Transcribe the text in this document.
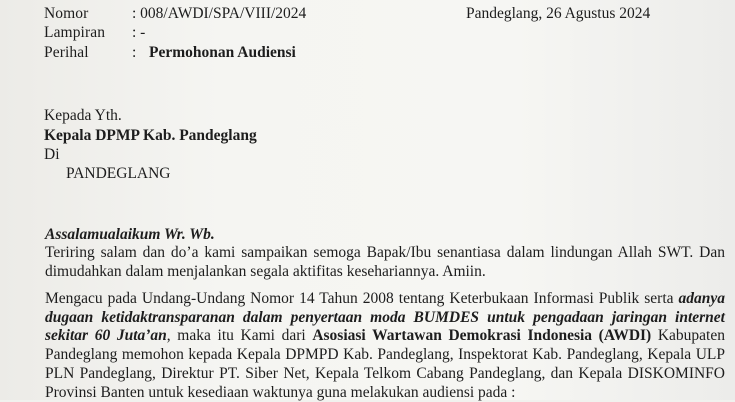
Nomor	: 008/AWDI/SPA/VIII/2024	Pandeglang, 26 Agustus 2024
Lampiran : -
Perihal	: Permohonan Audiensi
Kepada Yth.
Kepala DPMP Kab. Pandeglang
Di
PANDEGLANG
Assalamualaikum Wr. Wb.
Teriring salam dan do’a kami sampaikan semoga Bapak/Ibu senantiasa dalam lindungan Allah SWT. Dan
dimudahkan dalam menjalankan segala aktifitas kesehariannya. Amiin.
Mengacu pada Undang-Undang Nomor 14 Tahun 2008 tentang Keterbukaan Informasi Publik serta adanya
dugaan ketidaktransparanan dalam penyertaan moda BUMDES untuk pengadaan jaringan internet
sekitar 60 Juta’an, maka itu Kami dari Asosiasi Wartawan Demokrasi Indonesia (AWDI) Kabupaten
Pandeglang memohon kepada Kepala DPMPD Kab. Pandeglang, Inspektorat Kab. Pandeglang, Kepala ULP
PLN Pandeglang, Direktur PT. Siber Net, Kepala Telkom Cabang Pandeglang, dan Kepala DISKOMINFO
Provinsi Banten untuk kesediaan waktunya guna melakukan audiensi pada :
